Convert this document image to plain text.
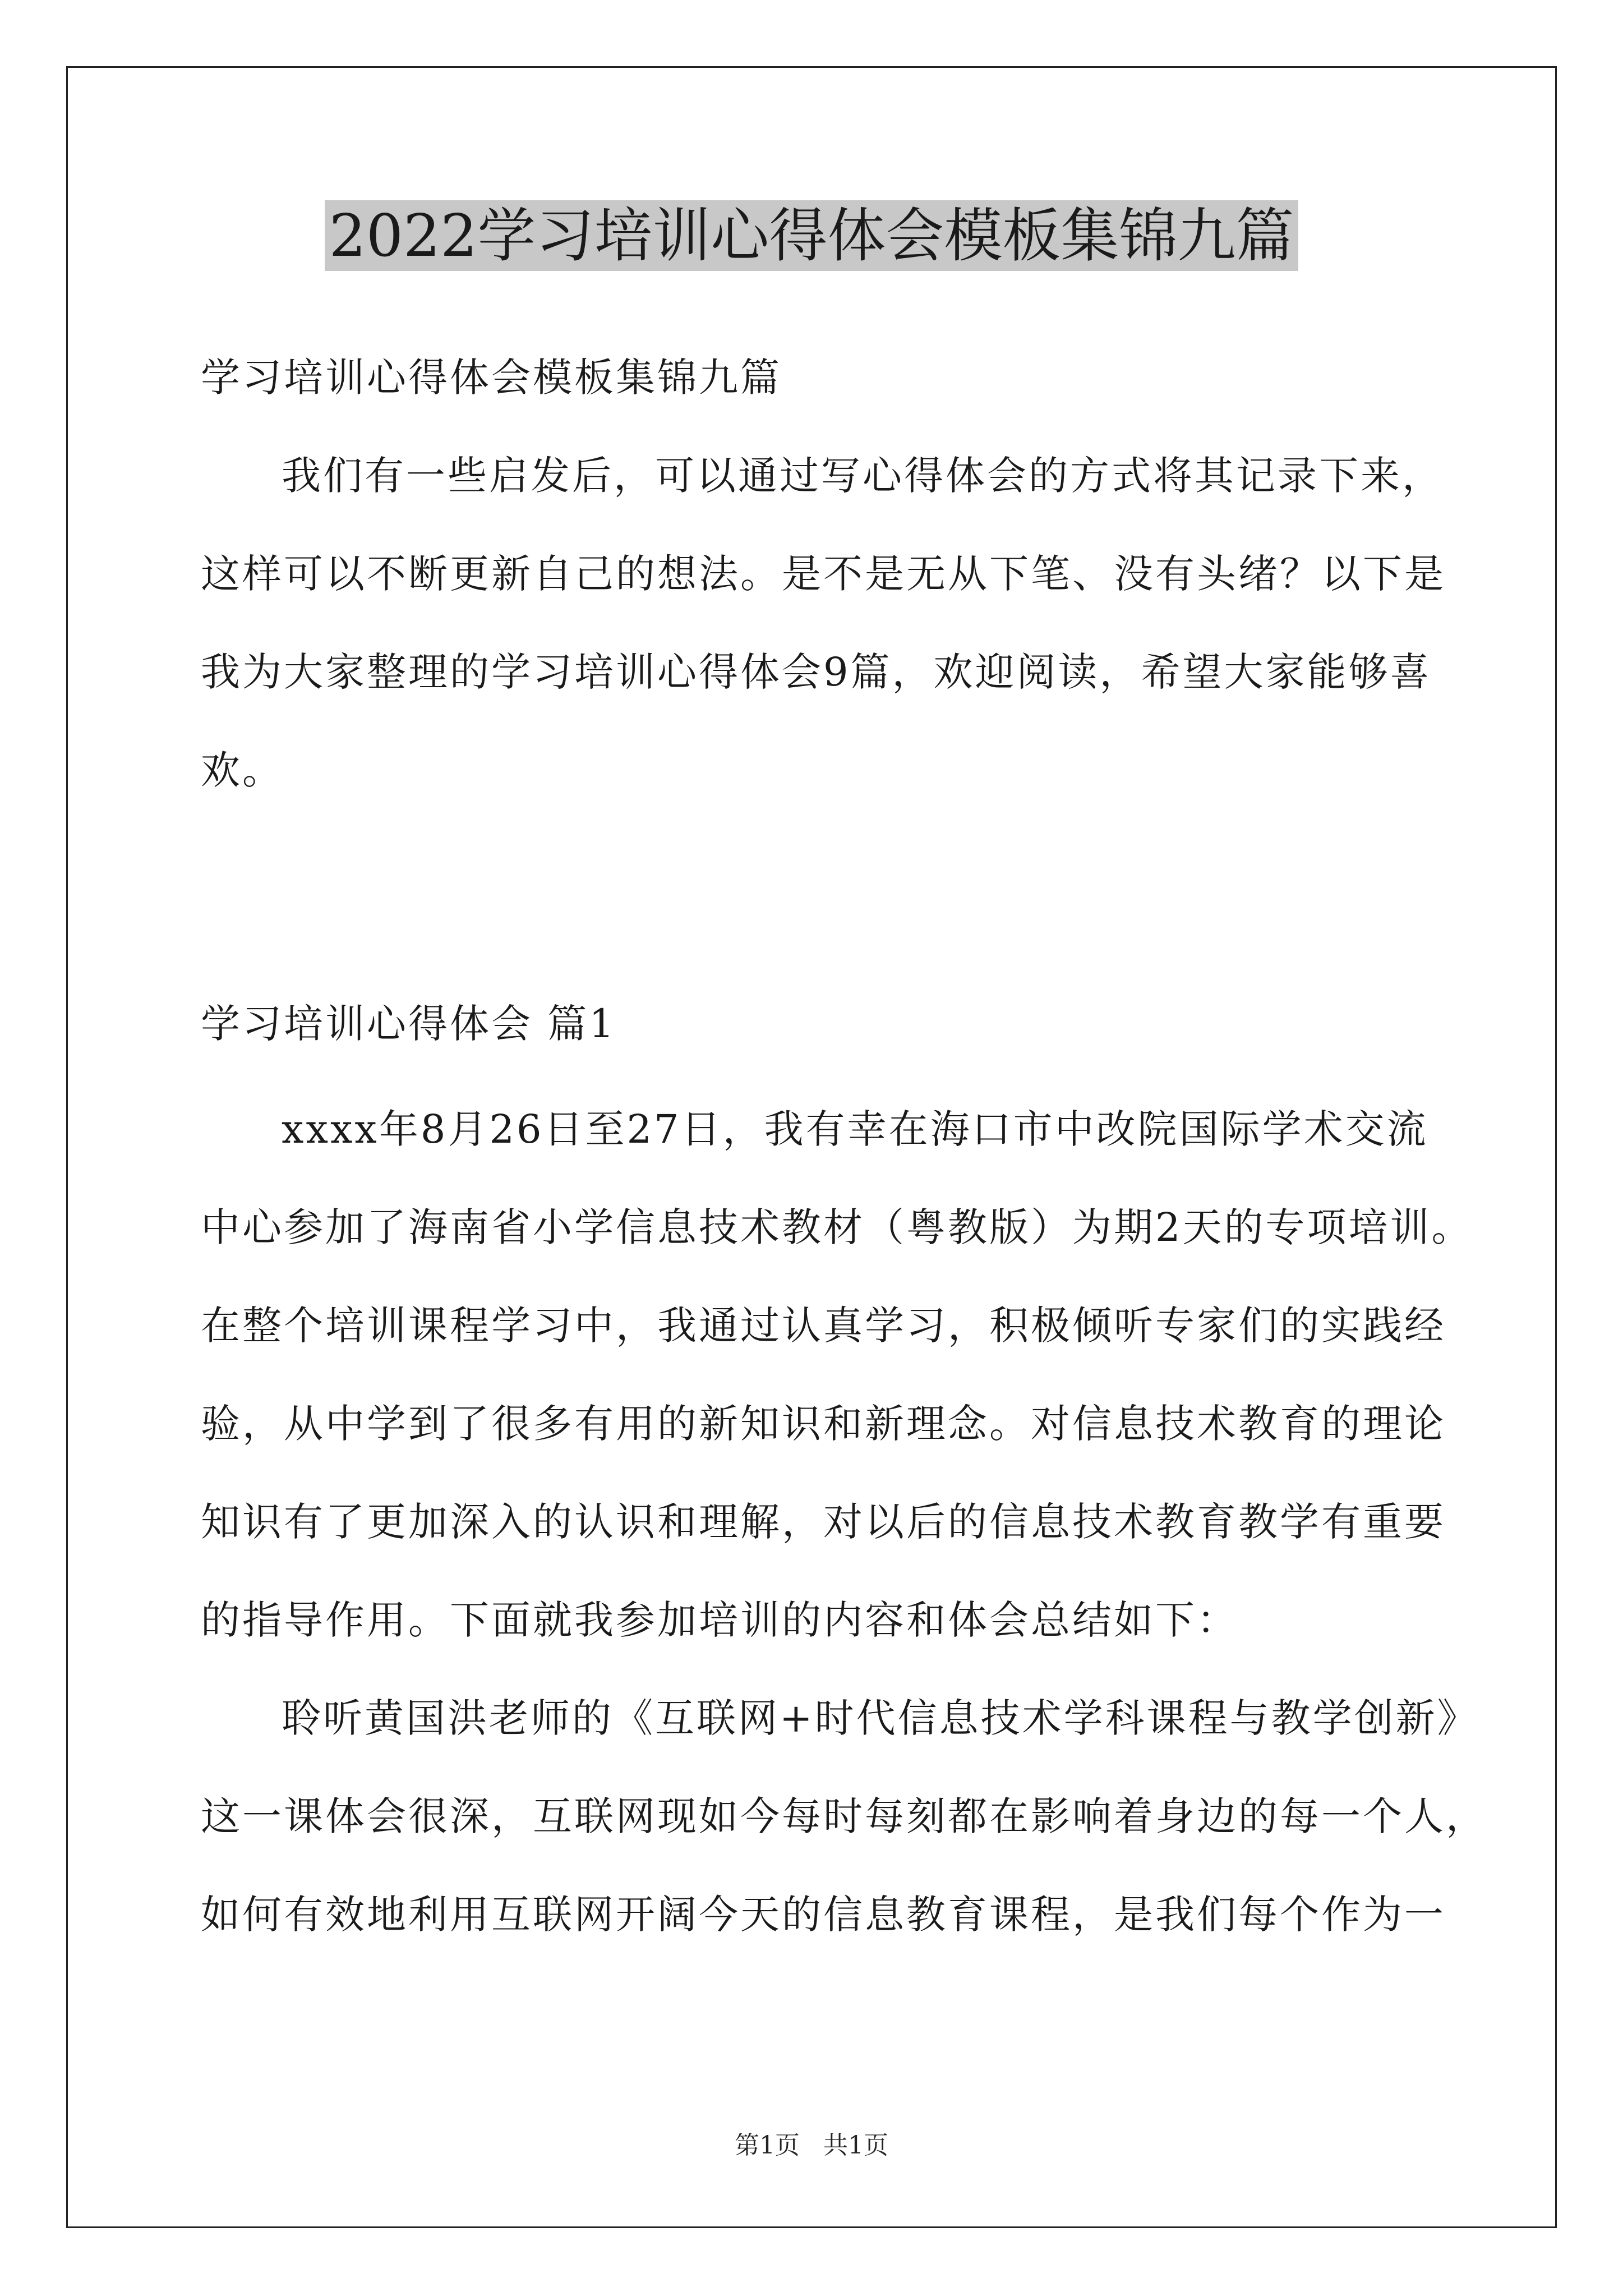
2022学习培训心得体会模板集锦九篇
学习培训心得体会模板集锦九篇
我们有一些启发后，可以通过写心得体会的方式将其记录下来，
这样可以不断更新自己的想法。是不是无从下笔、没有头绪？以下是
我为大家整理的学习培训心得体会9篇，欢迎阅读，希望大家能够喜
欢。
学习培训心得体会 篇1
xxxx年8月26日至27日，我有幸在海口市中改院国际学术交流
中心参加了海南省小学信息技术教材（粤教版）为期2天的专项培训。
在整个培训课程学习中，我通过认真学习，积极倾听专家们的实践经
验，从中学到了很多有用的新知识和新理念。对信息技术教育的理论
知识有了更加深入的认识和理解，对以后的信息技术教育教学有重要
的指导作用。下面就我参加培训的内容和体会总结如下：
聆听黄国洪老师的《互联网+时代信息技术学科课程与教学创新》
这一课体会很深，互联网现如今每时每刻都在影响着身边的每一个人，
如何有效地利用互联网开阔今天的信息教育课程，是我们每个作为一
第1页   共1页
